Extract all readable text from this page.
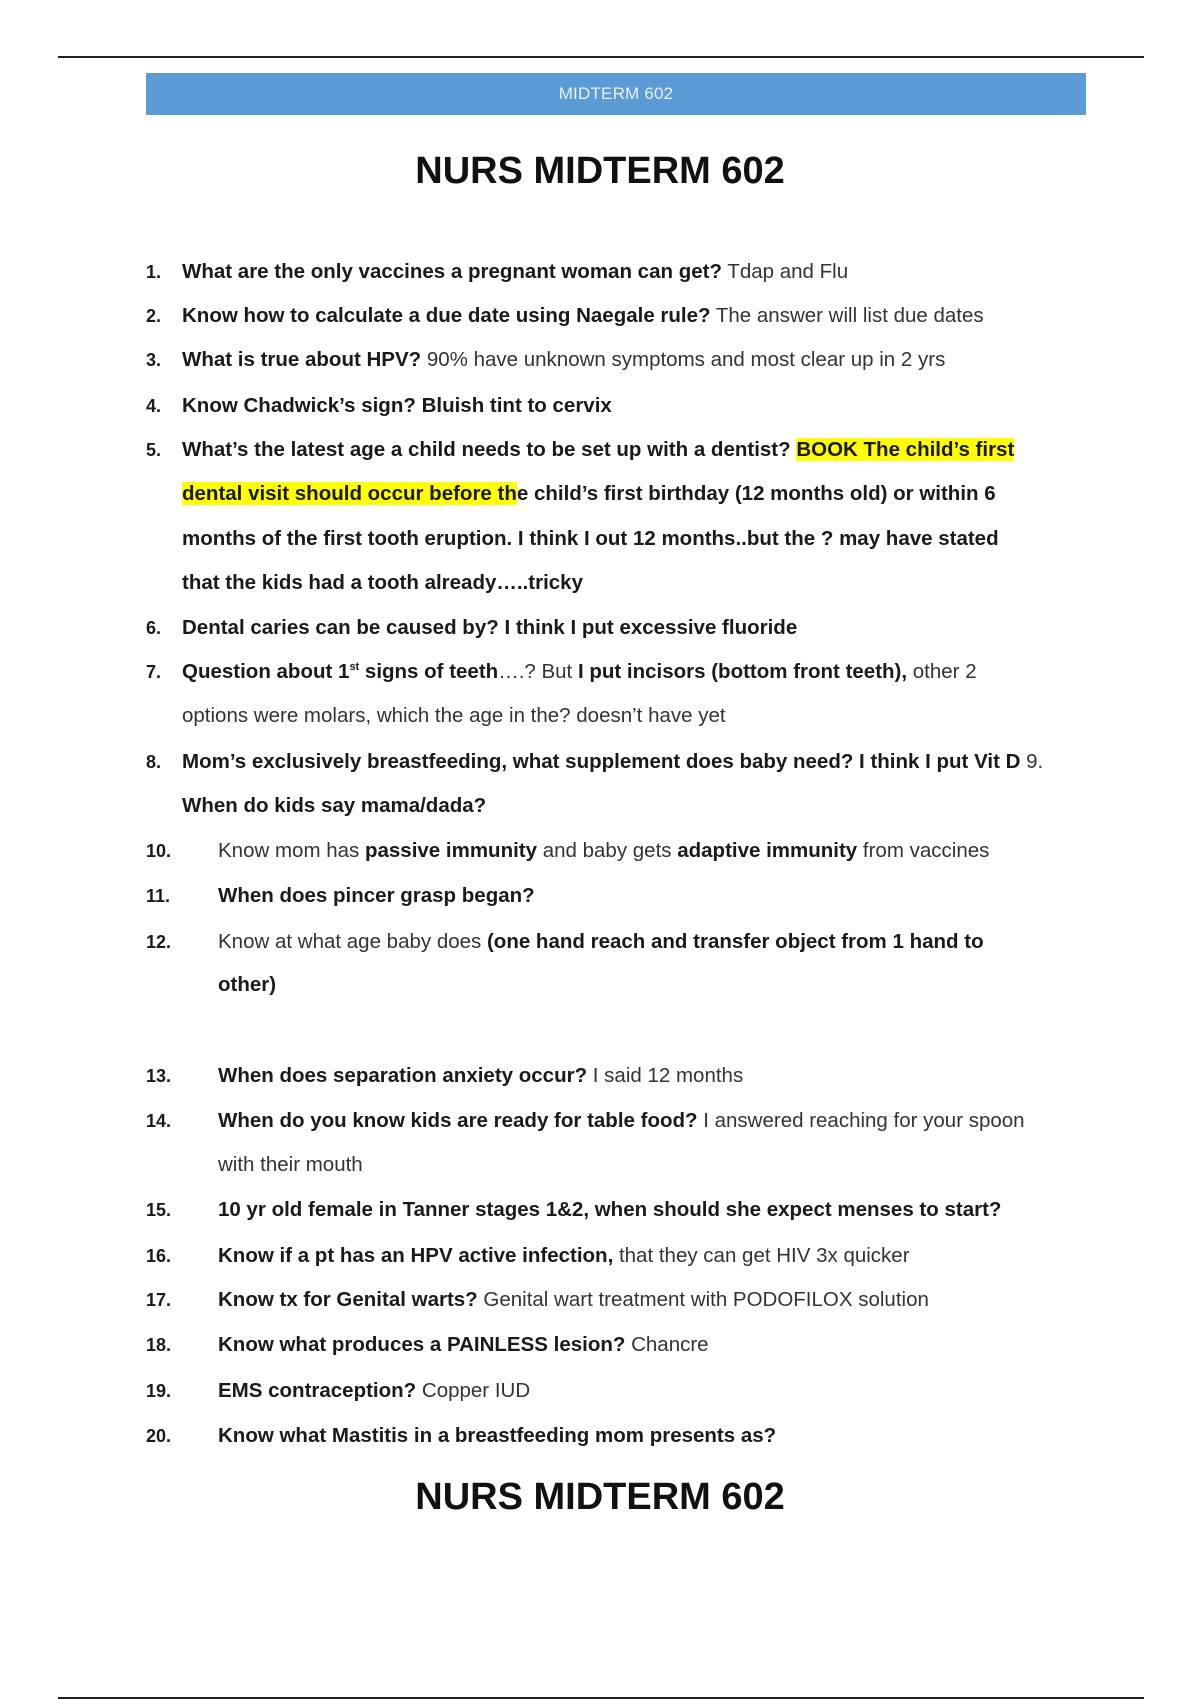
MIDTERM 602
NURS MIDTERM 602
1. What are the only vaccines a pregnant woman can get? Tdap and Flu
2. Know how to calculate a due date using Naegale rule? The answer will list due dates
3. What is true about HPV? 90% have unknown symptoms and most clear up in 2 yrs
4. Know Chadwick’s sign? Bluish tint to cervix
5. What’s the latest age a child needs to be set up with a dentist? BOOK The child’s first
dental visit should occur before the child’s first birthday (12 months old) or within 6
months of the first tooth eruption. I think I out 12 months..but the ? may have stated
that the kids had a tooth already…..tricky
6. Dental caries can be caused by? I think I put excessive fluoride
7. Question about 1st signs of teeth….? But I put incisors (bottom front teeth), other 2
options were molars, which the age in the? doesn’t have yet
8. Mom’s exclusively breastfeeding, what supplement does baby need? I think I put Vit D 9.
When do kids say mama/dada?
10. Know mom has passive immunity and baby gets adaptive immunity from vaccines
11. When does pincer grasp began?
12. Know at what age baby does (one hand reach and transfer object from 1 hand to
other)
13. When does separation anxiety occur? I said 12 months
14. When do you know kids are ready for table food? I answered reaching for your spoon
with their mouth
15. 10 yr old female in Tanner stages 1&2, when should she expect menses to start?
16. Know if a pt has an HPV active infection, that they can get HIV 3x quicker
17. Know tx for Genital warts? Genital wart treatment with PODOFILOX solution
18. Know what produces a PAINLESS lesion? Chancre
19. EMS contraception? Copper IUD
20. Know what Mastitis in a breastfeeding mom presents as?
NURS MIDTERM 602
